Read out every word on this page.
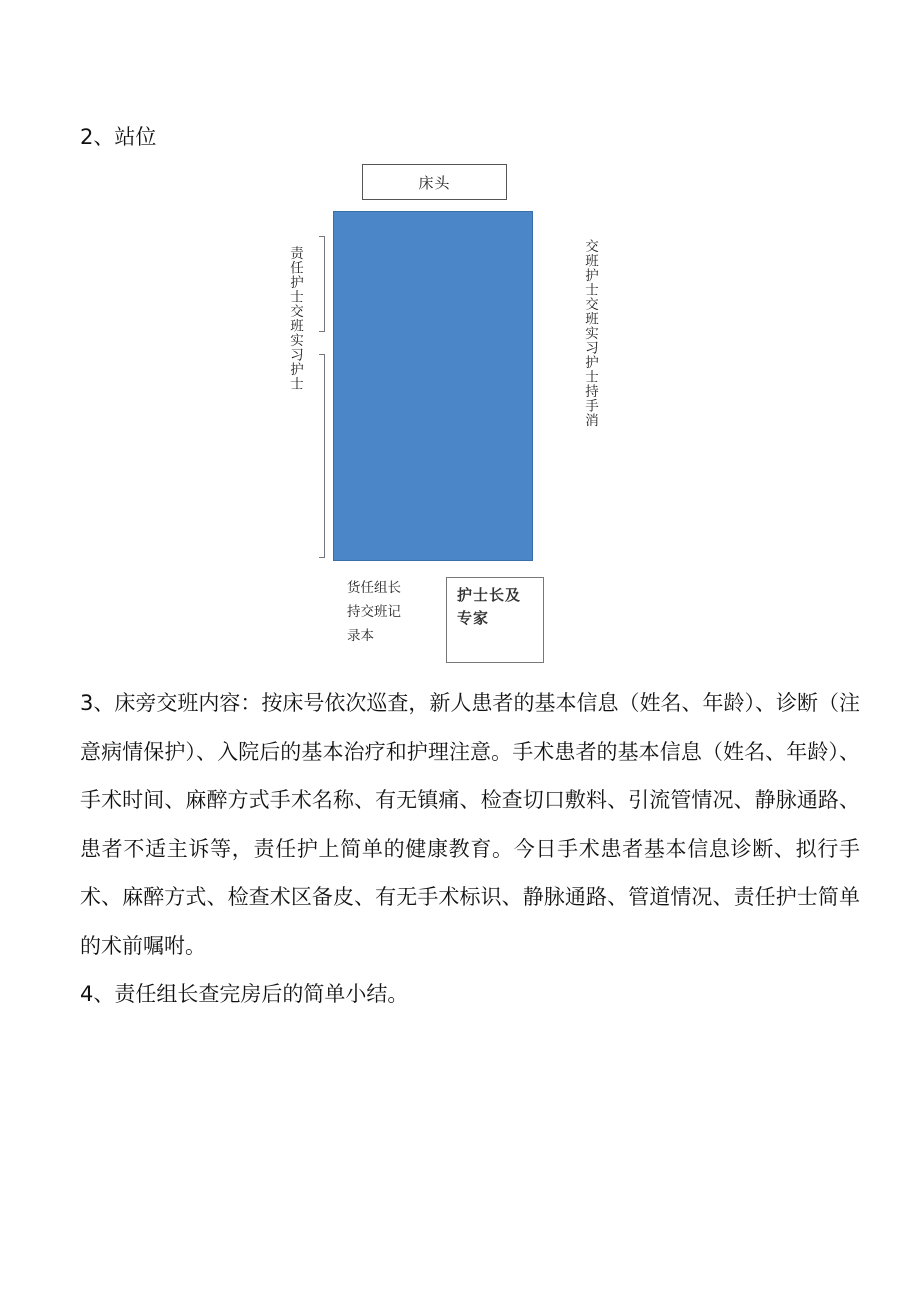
2、站位
床头
责任护士交班实习护士	交班护士交班实习护士持手消
货任组长
持交班记
录本
护士长及
专家

3、床旁交班内容：按床号依次巡査，新人患者的基本信息（姓名、年龄）、诊断（注意病情保护）、入院后的基本治疗和护理注意。手术患者的基本信息（姓名、年龄）、手术时间、麻醉方式手术名称、有无镇痛、检查切口敷料、引流管情况、静脉通路、患者不适主诉等，责任护上简单的健康教育。今日手术患者基本信息诊断、拟行手术、麻醉方式、检查术区备皮、有无手术标识、静脉通路、管道情况、责任护士简单的术前嘱咐。

4、责任组长查完房后的简单小结。
